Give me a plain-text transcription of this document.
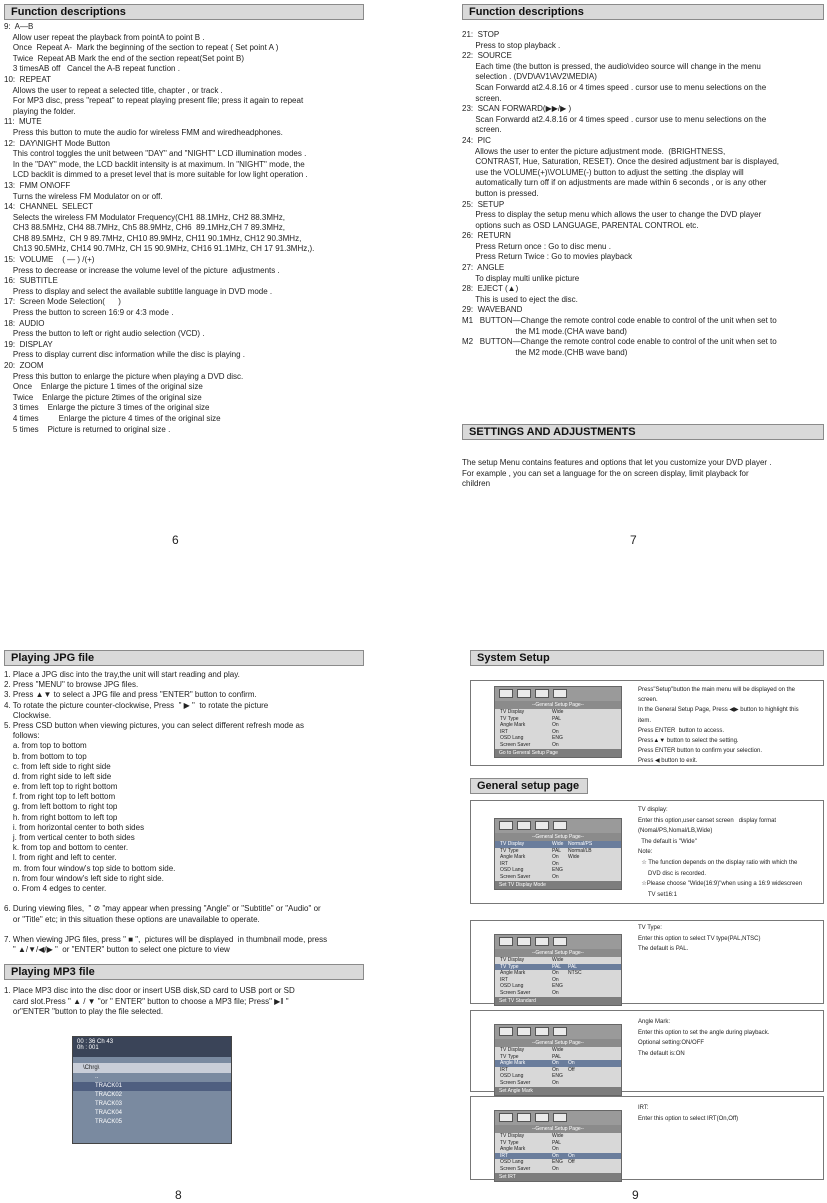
Function descriptions
9:  A—B
Allow user repeat the playback from pointA to point B .
Once  Repeat A-  Mark the beginning of the section to repeat ( Set point A )
Twice  Repeat AB Mark the end of the section repeat(Set point B)
3 timesAB off   Cancel the A-B repeat function .
10:  REPEAT
Allows the user to repeat a selected title, chapter , or track .
For MP3 disc, press "repeat" to repeat playing present file; press it again to repeat
playing the folder.
11:  MUTE
Press this button to mute the audio for wireless FMM and wiredheadphones.
12:  DAY\NIGHT Mode Button
This control toggles the unit between "DAY" and "NIGHT" LCD illumination modes .
In the "DAY" mode, the LCD backlit intensity is at maximum. In "NIGHT" mode, the
LCD backlit is dimmed to a preset level that is more suitable for low light operation .
13:  FMM ON\OFF
Turns the wireless FM Modulator on or off.
14:  CHANNEL  SELECT
Selects the wireless FM Modulator Frequency(CH1 88.1MHz, CH2 88.3MHz,
CH3 88.5MHz, CH4 88.7MHz, Ch5 88.9MHz, CH6  89.1MHz,CH 7 89.3MHz,
CH8 89.5MHz,  CH 9 89.7MHz, CH10 89.9MHz, CH11 90.1MHz, CH12 90.3MHz,
Ch13 90.5MHz, CH14 90.7MHz, CH 15 90.9MHz, CH16 91.1MHz, CH 17 91.3MHz,).
15:  VOLUME    ( — ) /(+)
Press to decrease or increase the volume level of the picture  adjustments .
16:  SUBTITLE
Press to display and select the available subtitle language in DVD mode .
17:  Screen Mode Selection(      )
Press the button to screen 16:9 or 4:3 mode .
18:  AUDIO
Press the button to left or right audio selection (VCD) .
19:  DISPLAY
Press to display current disc information while the disc is playing .
20:  ZOOM
Press this button to enlarge the picture when playing a DVD disc.
Once    Enlarge the picture 1 times of the original size
Twice    Enlarge the picture 2times of the original size
3 times    Enlarge the picture 3 times of the original size
4 times         Enlarge the picture 4 times of the original size
5 times    Picture is returned to original size .
6
Function descriptions
21:  STOP
Press to stop playback .
22:  SOURCE
Each time (the button is pressed, the audio\video source will change in the menu
selection . (DVD\AV1\AV2\MEDIA)
Scan Forwardd at2.4.8.16 or 4 times speed . cursor use to menu selections on the
screen.
23:  SCAN FORWARD(▶▶/▶ )
Scan Forwardd at2.4.8.16 or 4 times speed . cursor use to menu selections on the
screen.
24:  PIC
Allows the user to enter the picture adjustment mode.  (BRIGHTNESS,
CONTRAST, Hue, Saturation, RESET). Once the desired adjustment bar is displayed,
use the VOLUME(+)\VOLUME(-) button to adjust the setting .the display will
automatically turn off if on adjustments are made within 6 seconds , or is any other
button is pressed.
25:  SETUP
Press to display the setup menu which allows the user to change the DVD player
options such as OSD LANGUAGE, PARENTAL CONTROL etc.
26:  RETURN
Press Return once : Go to disc menu .
Press Return Twice : Go to movies playback
27:  ANGLE
To display multi unlike picture
28:  EJECT (▲)
This is used to eject the disc.
29:  WAVEBAND
M1   BUTTON—Change the remote control code enable to control of the unit when set to
the M1 mode.(CHA wave band)
M2   BUTTON—Change the remote control code enable to control of the unit when set to
the M2 mode.(CHB wave band)
SETTINGS AND ADJUSTMENTS
The setup Menu contains features and options that let you customize your DVD player .
For example , you can set a language for the on screen display, limit playback for
children
7
Playing JPG file
1. Place a JPG disc into the tray,the unit will start reading and play.
2. Press "MENU" to browse JPG files.
3. Press ▲▼ to select a JPG file and press "ENTER" button to confirm.
4. To rotate the picture counter-clockwise, Press  " ▶ "  to rotate the picture
Clockwise.
5. Press CSD button when viewing pictures, you can select different refresh mode as
follows:
a. from top to bottom
b. from bottom to top
c. from left side to right side
d. from right side to left side
e. from left top to right bottom
f. from right top to left bottom
g. from left bottom to right top
h. from right bottom to left top
i. from horizontal center to both sides
j. from vertical center to both sides
k. from top and bottom to center.
l. from right and left to center.
m. from four window's top side to bottom side.
n. from four window's left side to right side.
o. From 4 edges to center.
6. During viewing files,  " ⊘ "may appear when pressing "Angle" or "Subtitle" or "Audio" or
or "Title" etc; in this situation these options are unavailable to operate.
7. When viewing JPG files, press " ■ ",  pictures will be displayed  in thumbnail mode, press
" ▲/▼/◀/▶ "  or "ENTER" button to select one picture to view
Playing MP3 file
1. Place MP3 disc into the disc door or insert USB disk,SD card to USB port or SD
card slot.Press " ▲ / ▼ "or " ENTER" button to choose a MP3 file; Press" ▶‖ "
or"ENTER "button to play the file selected.
00 : 36 Ch 43
0h : 001
\Chrg\
..
TRACK01
TRACK02
TRACK03
TRACK04
TRACK05
8
System Setup
Press"Setup"button the main menu will be displayed on the
screen.
In the General Setup Page, Press ◀▶ button to highlight this
item.
Press ENTER  button to access.
Press▲▼ button to select the setting.
Press ENTER button to confirm your selection.
Press ◀ button to exit.
General setup page
TV display:
Enter this option,user canset screen   display format
(Nomal/PS,Nomal/LB,Wide)
The default is "Wide"
Note:
☆ The function depends on the display ratio with which the
DVD disc is recorded.
☆Please choose "Wide(16:9)"when using a 16:9 widescreen
TV set16:1
TV Type:
Enter this option to select TV type(PAL,NTSC)
The default is PAL.
Angle Mark:
Enter this option to set the angle during playback.
Optional setting:ON/OFF
The default is:ON
IRT:
Enter this option to select IRT(On,Off)
9
--General Setup Page--
TV Display	Wide
TV Type	PAL
Angle Mark	On
IRT	On
OSD Lang	ENG
Screen Saver	On
Go to General Setup Page
--General Setup Page--
TV Display	Wide Normal/PS
TV Type	PAL	Normal/LB
Angle Mark	On	Wide
IRT	On
OSD Lang	ENG
Screen Saver	On
Set TV Display Mode
--General Setup Page--
TV Display	Wide
TV Type	PAL	PAL
Angle Mark	On	NTSC
IRT	On
OSD Lang	ENG
Screen Saver	On
Set TV Standard
--General Setup Page--
TV Display	Wide
TV Type	PAL
Angle Mark	On	On
IRT	On	Off
OSD Lang	ENG
Screen Saver	On
Set Angle Mark
--General Setup Page--
TV Display	Wide
TV Type	PAL
Angle Mark	On
IRT	On	On
OSD Lang	ENG	Off
Screen Saver	On
Set IRT
